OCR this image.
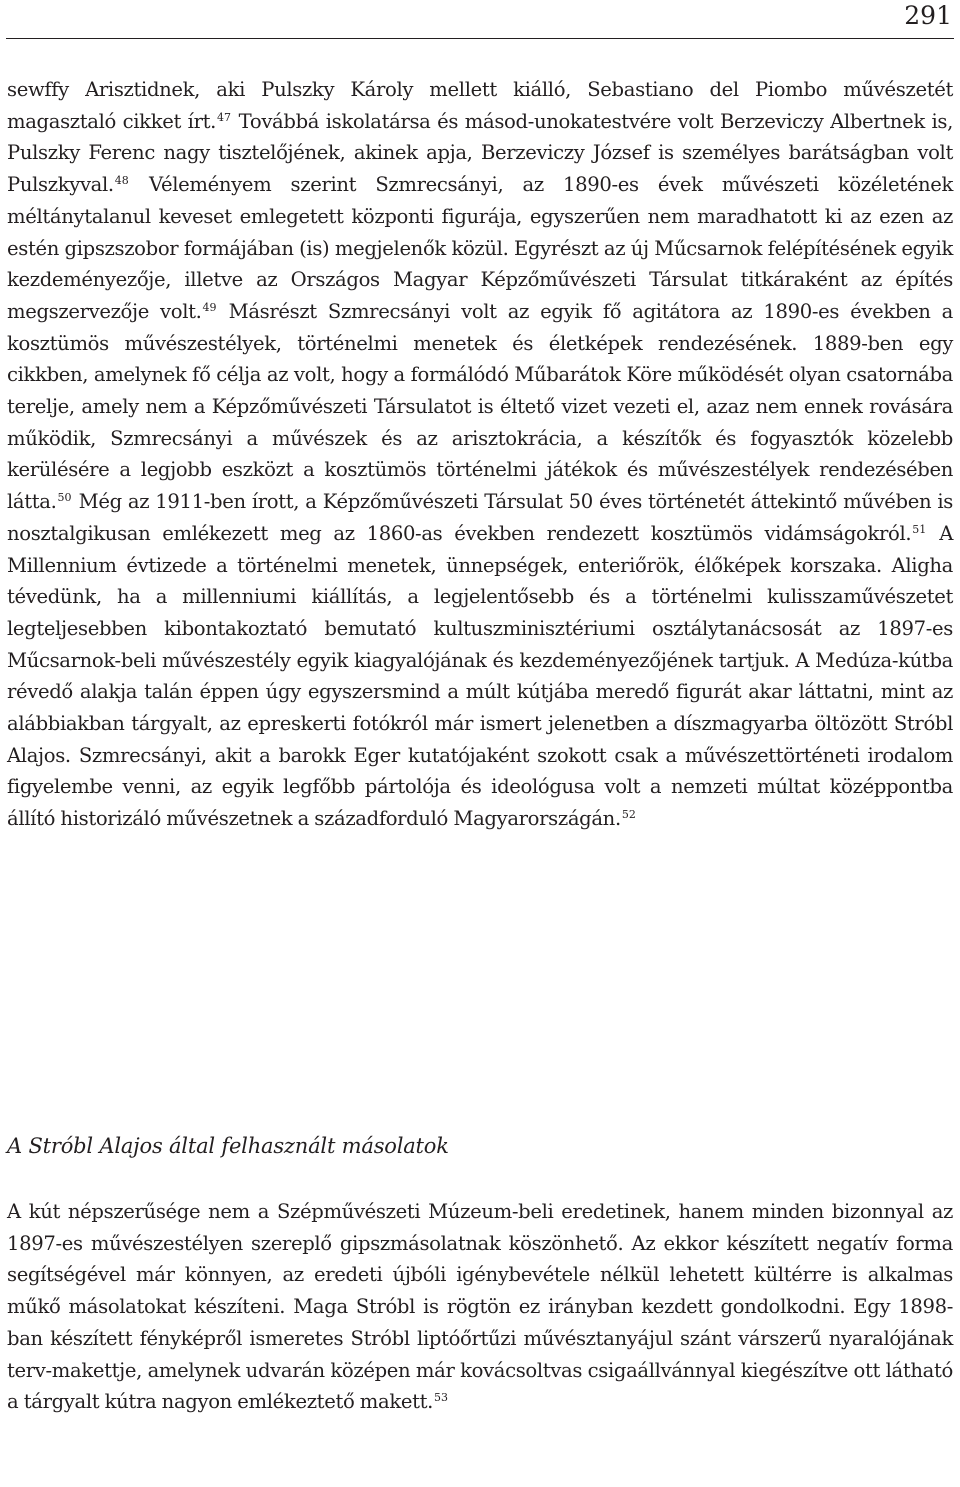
291

sewffy Arisztidnek, aki Pulszky Károly mellett kiálló, Sebastiano del Piombo művészetét magasztaló cikket írt.$^{47}$ Továbbá iskolatársa és másod-unokatestvére volt Berzeviczy Albertnek is, Pulszky Ferenc nagy tisztelőjének, akinek apja, Berzeviczy József is személyes barátságban volt Pulszkyval.$^{48}$ Véleményem szerint Szmrecsányi, az 1890-es évek művészeti közéletének méltánytalanul keveset emlegetett központi figurája, egyszerűen nem maradhatott ki az ezen az estén gipszszobor formájában (is) megjelenők közül. Egyrészt az új Műcsarnok felépítésének egyik kezdeményezője, illetve az Országos Magyar Képzőművészeti Társulat titkáraként az építés megszervezője volt.$^{49}$ Másrészt Szmrecsányi volt az egyik fő agitátora az 1890-es években a kosztümös művészestélyek, történelmi menetek és életképek rendezésének. 1889-ben egy cikkben, amelynek fő célja az volt, hogy a formálódó Műbarátok Köre működését olyan csatornába terelje, amely nem a Képzőművészeti Társulatot is éltető vizet vezeti el, azaz nem ennek rovására működik, Szmrecsányi a művészek és az arisztokrácia, a készítők és fogyasztók közelebb kerülésére a legjobb eszközt a kosztümös történelmi játékok és művészestélyek rendezésében látta.$^{50}$ Még az 1911-ben írott, a Képzőművészeti Társulat 50 éves történetét áttekintő művében is nosztalgikusan emlékezett meg az 1860-as években rendezett kosztümös vidámságokról.$^{51}$ A Millennium évtizede a történelmi menetek, ünnepségek, enteriőrök, élőképek korszaka. Aligha tévedünk, ha a millenniumi kiállítás, a legjelentősebb és a történelmi kulisszaművészetet legteljesebben kibontakoztató bemutató kultuszminisztériumi osztálytanácsosát az 1897-es Műcsarnok-beli művészestély egyik kiagyalójának és kezdeményezőjének tartjuk. A Medúza-kútba révedő alakja talán éppen úgy egyszersmind a múlt kútjába meredő figurát akar láttatni, mint az alábbiakban tárgyalt, az epreskerti fotókról már ismert jelenetben a díszmagyarba öltözött Stróbl Alajos. Szmrecsányi, akit a barokk Eger kutatójaként szokott csak a művészettörténeti irodalom figyelembe venni, az egyik legfőbb pártolója és ideológusa volt a nemzeti múltat középpontba állító historizáló művészetnek a századforduló Magyarországán.$^{52}$

A Stróbl Alajos által felhasznált másolatok

A kút népszerűsége nem a Szépművészeti Múzeum-beli eredetinek, hanem minden bizonnyal az 1897-es művészestélyen szereplő gipszmásolatnak köszönhető. Az ekkor készített negatív forma segítségével már könnyen, az eredeti újbóli igénybevétele nélkül lehetett kültérre is alkalmas műkő másolatokat készíteni. Maga Stróbl is rögtön ez irányban kezdett gondolkodni. Egy 1898-ban készített fényképről ismeretes Stróbl liptóőrtűzi művésztanyájul szánt várszerű nyaralójának terv-makettje, amelynek udvarán középen már kovácsoltvas csigaállvánnyal kiegészítve ott látható a tárgyalt kútra nagyon emlékeztető makett.$^{53}$
